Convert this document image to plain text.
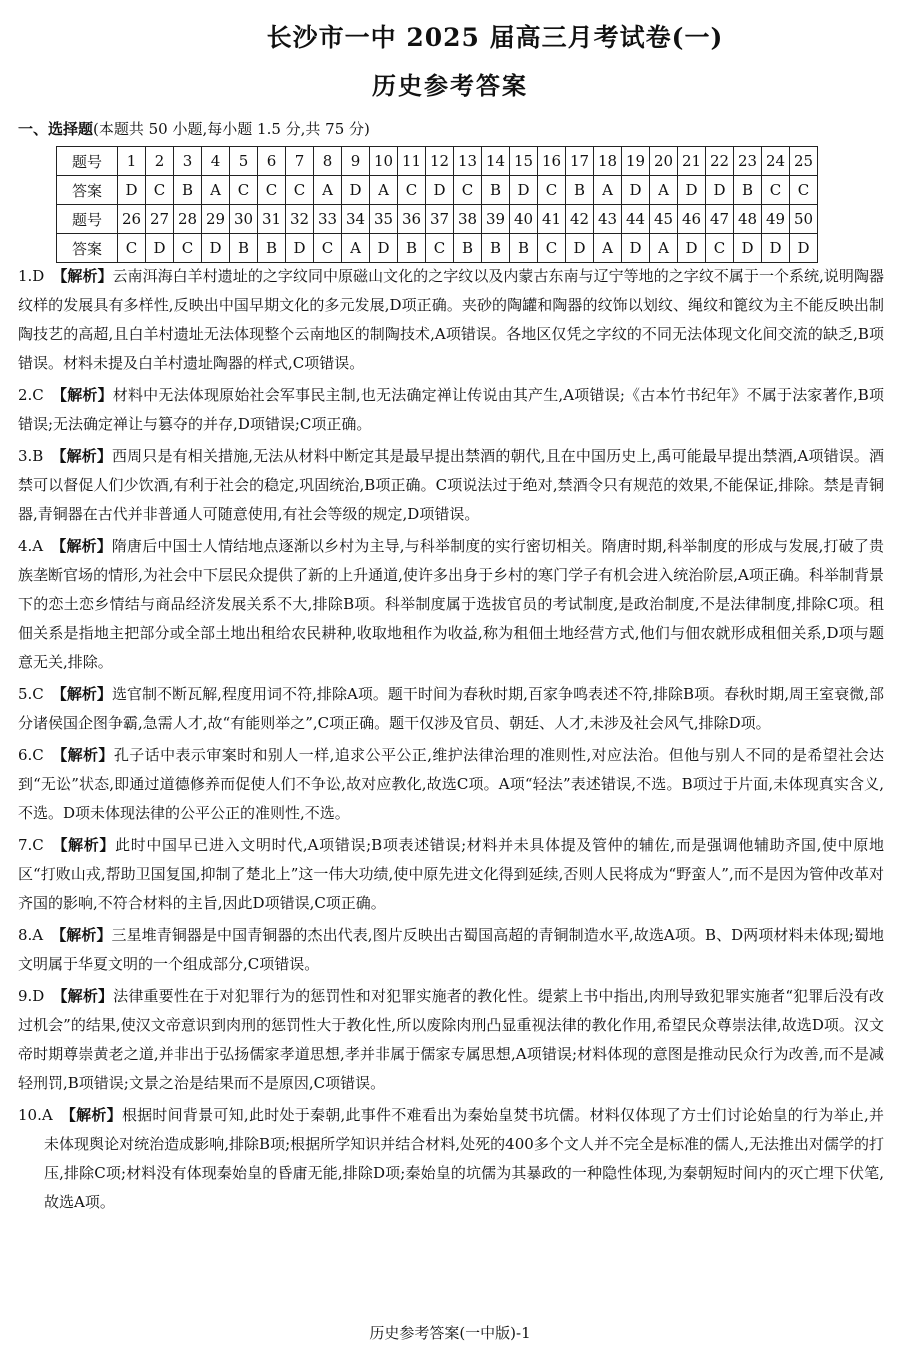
长沙市一中 2025 届高三月考试卷(一)
历史参考答案
一、选择题(本题共 50 小题,每小题 1.5 分,共 75 分)
题号	1	2	3	4	5	6	7	8	9	10	11	12	13	14	15	16	17	18	19	20	21	22	23	24	25
答案	D	C	B	A	C	C	C	A	D	A	C	D	C	B	D	C	B	A	D	A	D	D	B	C	C
题号	26	27	28	29	30	31	32	33	34	35	36	37	38	39	40	41	42	43	44	45	46	47	48	49	50
答案	C	D	C	D	B	B	D	C	A	D	B	C	B	B	B	C	D	A	D	A	D	C	D	D	D
1.D 【解析】云南洱海白羊村遗址的之字纹同中原磁山文化的之字纹以及内蒙古东南与辽宁等地的之字纹不属于一个系统,说明陶器纹样的发展具有多样性,反映出中国早期文化的多元发展,D项正确。夹砂的陶罐和陶器的纹饰以划纹、绳纹和篦纹为主不能反映出制陶技艺的高超,且白羊村遗址无法体现整个云南地区的制陶技术,A项错误。各地区仅凭之字纹的不同无法体现文化间交流的缺乏,B项错误。材料未提及白羊村遗址陶器的样式,C项错误。
2.C 【解析】材料中无法体现原始社会军事民主制,也无法确定禅让传说由其产生,A项错误;《古本竹书纪年》不属于法家著作,B项错误;无法确定禅让与篡夺的并存,D项错误;C项正确。
3.B 【解析】西周只是有相关措施,无法从材料中断定其是最早提出禁酒的朝代,且在中国历史上,禹可能最早提出禁酒,A项错误。酒禁可以督促人们少饮酒,有利于社会的稳定,巩固统治,B项正确。C项说法过于绝对,禁酒令只有规范的效果,不能保证,排除。禁是青铜器,青铜器在古代并非普通人可随意使用,有社会等级的规定,D项错误。
4.A 【解析】隋唐后中国士人情结地点逐渐以乡村为主导,与科举制度的实行密切相关。隋唐时期,科举制度的形成与发展,打破了贵族垄断官场的情形,为社会中下层民众提供了新的上升通道,使许多出身于乡村的寒门学子有机会进入统治阶层,A项正确。科举制背景下的恋土恋乡情结与商品经济发展关系不大,排除B项。科举制度属于选拔官员的考试制度,是政治制度,不是法律制度,排除C项。租佃关系是指地主把部分或全部土地出租给农民耕种,收取地租作为收益,称为租佃土地经营方式,他们与佃农就形成租佃关系,D项与题意无关,排除。
5.C 【解析】选官制不断瓦解,程度用词不符,排除A项。题干时间为春秋时期,百家争鸣表述不符,排除B项。春秋时期,周王室衰微,部分诸侯国企图争霸,急需人才,故“有能则举之”,C项正确。题干仅涉及官员、朝廷、人才,未涉及社会风气,排除D项。
6.C 【解析】孔子话中表示审案时和别人一样,追求公平公正,维护法律治理的准则性,对应法治。但他与别人不同的是希望社会达到“无讼”状态,即通过道德修养而促使人们不争讼,故对应教化,故选C项。A项“轻法”表述错误,不选。B项过于片面,未体现真实含义,不选。D项未体现法律的公平公正的准则性,不选。
7.C 【解析】此时中国早已进入文明时代,A项错误;B项表述错误;材料并未具体提及管仲的辅佐,而是强调他辅助齐国,使中原地区“打败山戎,帮助卫国复国,抑制了楚北上”这一伟大功绩,使中原先进文化得到延续,否则人民将成为“野蛮人”,而不是因为管仲改革对齐国的影响,不符合材料的主旨,因此D项错误,C项正确。
8.A 【解析】三星堆青铜器是中国青铜器的杰出代表,图片反映出古蜀国高超的青铜制造水平,故选A项。B、D两项材料未体现;蜀地文明属于华夏文明的一个组成部分,C项错误。
9.D 【解析】法律重要性在于对犯罪行为的惩罚性和对犯罪实施者的教化性。缇萦上书中指出,肉刑导致犯罪实施者“犯罪后没有改过机会”的结果,使汉文帝意识到肉刑的惩罚性大于教化性,所以废除肉刑凸显重视法律的教化作用,希望民众尊崇法律,故选D项。汉文帝时期尊崇黄老之道,并非出于弘扬儒家孝道思想,孝并非属于儒家专属思想,A项错误;材料体现的意图是推动民众行为改善,而不是减轻刑罚,B项错误;文景之治是结果而不是原因,C项错误。
10.A 【解析】根据时间背景可知,此时处于秦朝,此事件不难看出为秦始皇焚书坑儒。材料仅体现了方士们讨论始皇的行为举止,并未体现舆论对统治造成影响,排除B项;根据所学知识并结合材料,处死的400多个文人并不完全是标准的儒人,无法推出对儒学的打压,排除C项;材料没有体现秦始皇的昏庸无能,排除D项;秦始皇的坑儒为其暴政的一种隐性体现,为秦朝短时间内的灭亡埋下伏笔,故选A项。
历史参考答案(一中版)-1
